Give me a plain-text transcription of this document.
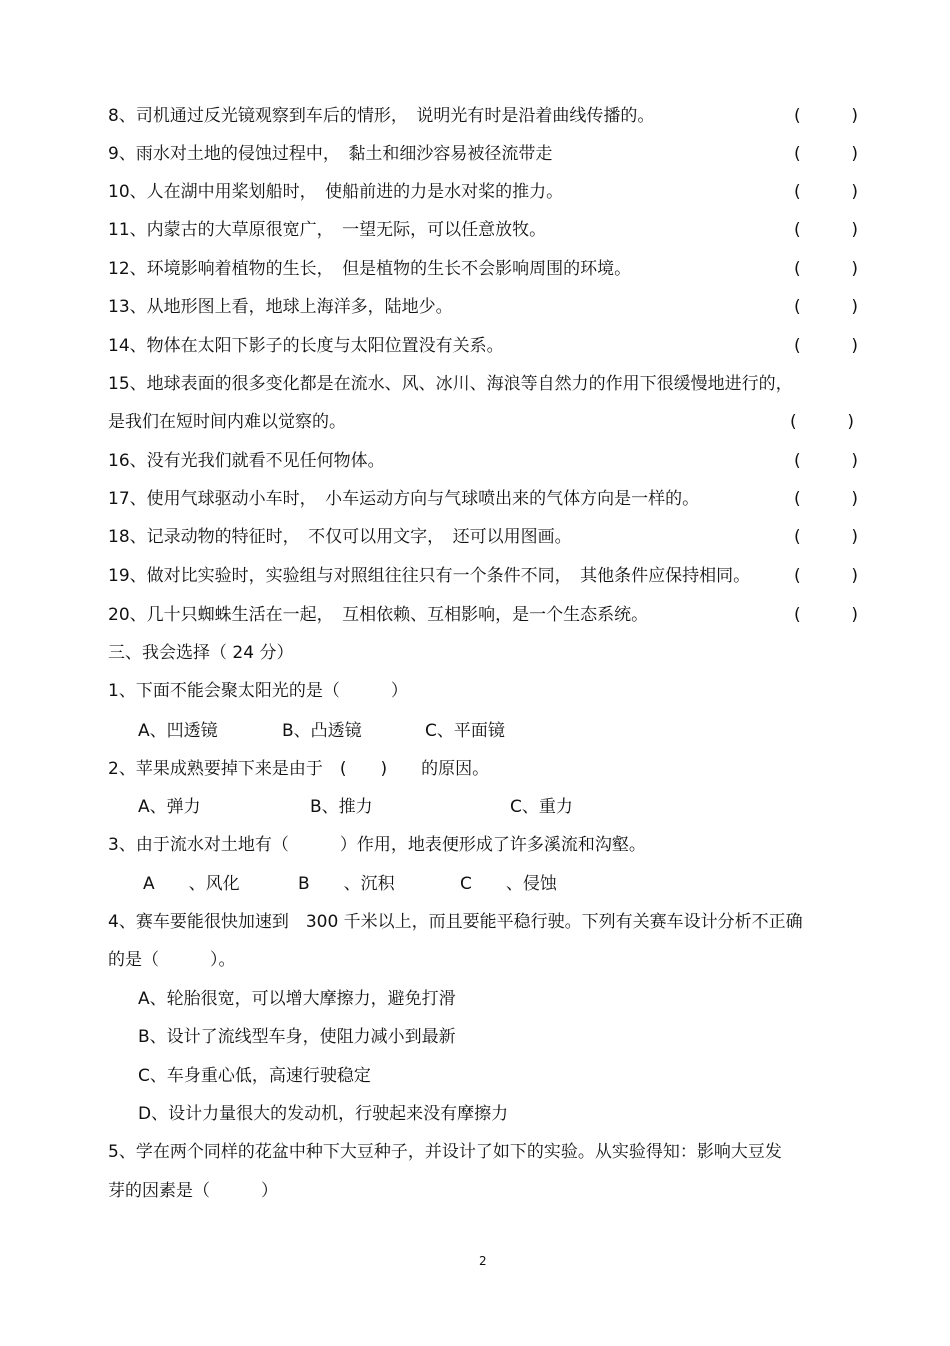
8、司机通过反光镜观察到车后的情形，　说明光有时是沿着曲线传播的。	(	)
9、雨水对土地的侵蚀过程中，　黏土和细沙容易被径流带走	(	)
10、人在湖中用桨划船时，　使船前进的力是水对桨的推力。	(	)
11、内蒙古的大草原很宽广，　一望无际，可以任意放牧。	(	)
12、环境影响着植物的生长，　但是植物的生长不会影响周围的环境。	(	)
13、从地形图上看，地球上海洋多，陆地少。	(	)
14、物体在太阳下影子的长度与太阳位置没有关系。	(	)
15、地球表面的很多变化都是在流水、风、冰川、海浪等自然力的作用下很缓慢地进行的，
是我们在短时间内难以觉察的。	(	)
16、没有光我们就看不见任何物体。	(	)
17、使用气球驱动小车时，　小车运动方向与气球喷出来的气体方向是一样的。	(	)
18、记录动物的特征时，　不仅可以用文字，　还可以用图画。	(	)
19、做对比实验时，实验组与对照组往往只有一个条件不同，　其他条件应保持相同。	(	)
20、几十只蜘蛛生活在一起，　互相依赖、互相影响，是一个生态系统。	(	)
三、我会选择（ 24 分）
1、下面不能会聚太阳光的是（　　　）
A、凹透镜	B、凸透镜	C、平面镜
2、苹果成熟要掉下来是由于　(　　)　　的原因。
A、弹力	B、推力	C、重力
3、由于流水对土地有（　　　）作用，地表便形成了许多溪流和沟壑。
A　　、风化	B　　、沉积	C　　、侵蚀
4、赛车要能很快加速到　300 千米以上，而且要能平稳行驶。下列有关赛车设计分析不正确
的是（　　　）。
A、轮胎很宽，可以增大摩擦力，避免打滑
B、设计了流线型车身，使阻力减小到最新
C、车身重心低，高速行驶稳定
D、设计力量很大的发动机，行驶起来没有摩擦力
5、学在两个同样的花盆中种下大豆种子，并设计了如下的实验。从实验得知：影响大豆发
芽的因素是（　　　）
2
